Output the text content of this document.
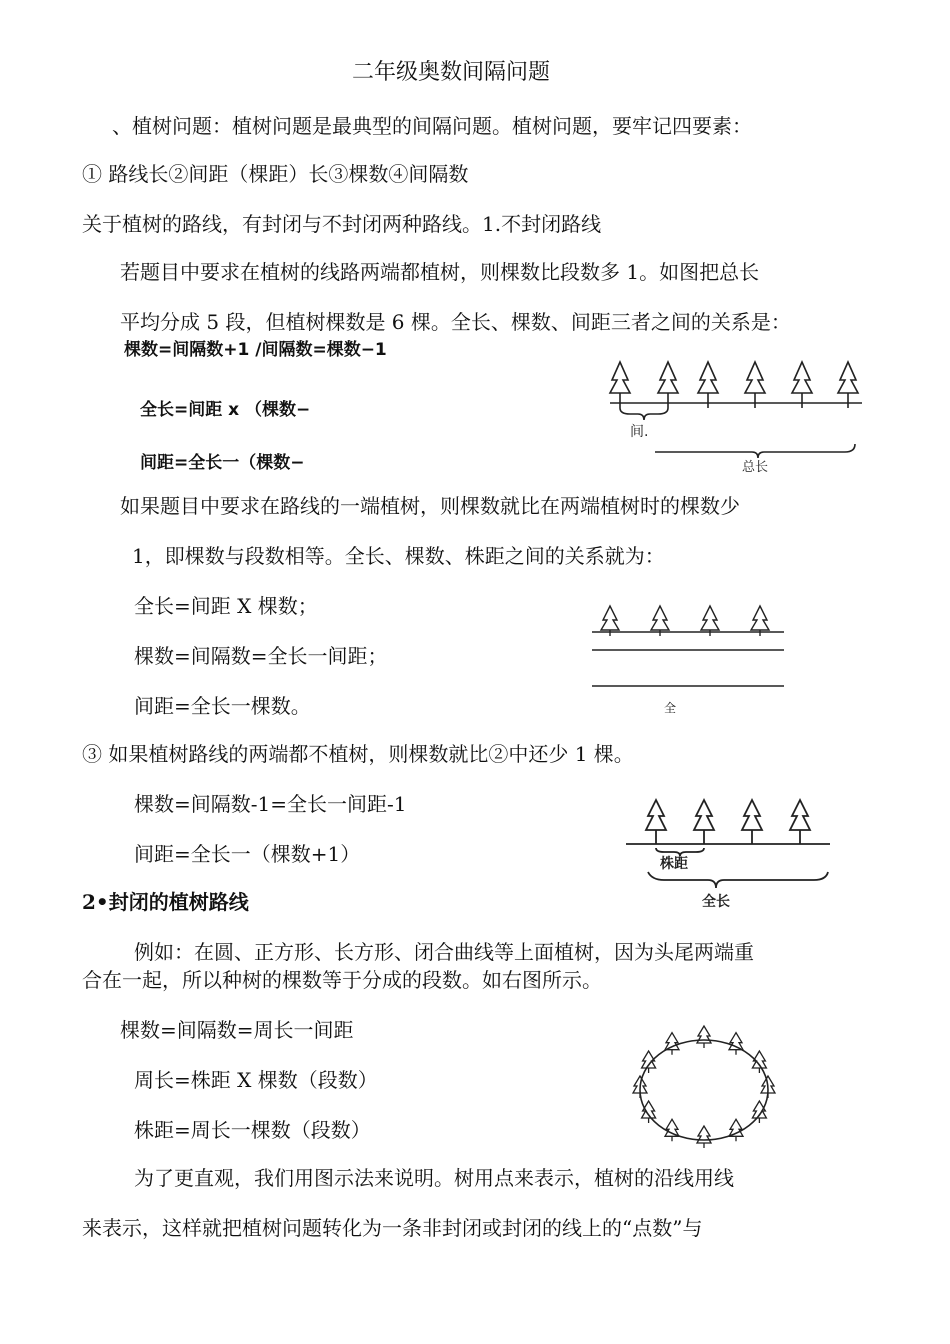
二年级奥数间隔问题
、植树问题：植树问题是最典型的间隔问题。植树问题，要牢记四要素：
① 路线长②间距（棵距）长③棵数④间隔数
关于植树的路线，有封闭与不封闭两种路线。1.不封闭路线
若题目中要求在植树的线路两端都植树，则棵数比段数多 1。如图把总长
平均分成 5 段，但植树棵数是 6 棵。全长、棵数、间距三者之间的关系是：
棵数=间隔数+1 /间隔数=棵数−1
全长=间距 x （棵数−
间距=全长一（棵数−
间.
总长
如果题目中要求在路线的一端植树，则棵数就比在两端植树时的棵数少
1，即棵数与段数相等。全长、棵数、株距之间的关系就为：
全长=间距 X 棵数；
棵数=间隔数=全长一间距；
间距=全长一棵数。	全
③ 如果植树路线的两端都不植树，则棵数就比②中还少 1 棵。
棵数=间隔数-1=全长一间距-1
间距=全长一（棵数+1）	株距
全长
2•封闭的植树路线
例如：在圆、正方形、长方形、闭合曲线等上面植树，因为头尾两端重
合在一起，所以种树的棵数等于分成的段数。如右图所示。
棵数=间隔数=周长一间距
周长=株距 X 棵数（段数）
株距=周长一棵数（段数）
为了更直观，我们用图示法来说明。树用点来表示，植树的沿线用线
来表示，这样就把植树问题转化为一条非封闭或封闭的线上的“点数”与
